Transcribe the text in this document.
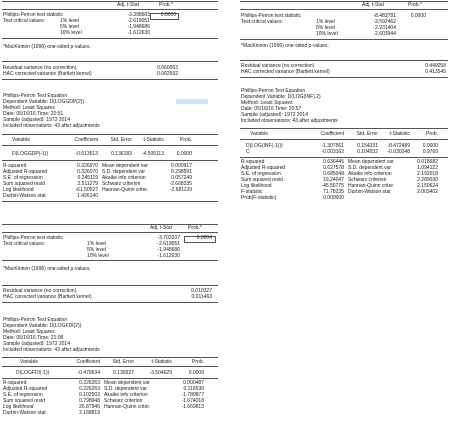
Adj. t-Stat	Prob.*
Phillips-Perron test statistic	-3.398683	0.0000
Test critical values:	1% level	-2.619051
5% level	-1.948686
10% level	-1.612630
*MacKinnon (1996) one-sided p-values.
Residual variance (no correction)	0.060053
HAC corrected variance (Bartlett kernel)	0.062592
Phillips-Perron Test Equation
Dependent Variable: D(LOGGDP(2))
Method: Least Squares
Date: 05/16/16 Time: 20:51
Sample (adjusted): 1972 2014
Included observations: 43 after adjustments
Variable	Coefficient	Std. Error	t-Statistic	Prob.
D(LOGGDP(-1))	-0.613613	0.136183	-4.505113	0.0000
R-squared	0.326070 Mean dependent var	0.000917
Adjusted R-squared	0.326070 S.D. dependent var	0.298591
S.E. of regression	0.245119 Akaike info criterion	0.057249
Sum squared resid	2.511279 Schwarz criterion	-2.668335
Log likelihood	-61.50527 Hannan-Quinn criter.	-2.681139
Durbin-Watson stat	1.426140
Adj. t-Stat	Prob.*
Phillips-Perron test statistic	-8.483781	0.0000
Test critical values:	1% level	-3.592462
5% level	-2.931404
10% level	-2.603944
*MacKinnon (1996) one-sided p-values.
Residual variance (no correction)	0.449058
HAC corrected variance (Bartlett kernel)	0.413545
Phillips-Perron Test Equation
Dependent Variable: D(LOG(INF),2)
Method: Least Squares
Date: 05/16/16 Time: 20:57
Sample (adjusted): 1972 2014
Included observations: 43 after adjustments
Variable	Coefficient	Std. Error	t-Statistic	Prob.
D(LOG(INF(-1)))	-1.307561	0.154331	-8.472489	0.0000
C	-0.003162	0.104532	-0.030248	0.9760
R-squared	0.636445 Mean dependent var	0.018682
Adjusted R-squared	0.627578 S.D. dependent var	1.094122
S.E. of regression	0.685048 Akaike info criterion	2.192018
Sum squared resid	19.24047 Schwarz criterion	2.289030
Log likelihood	-45.56775 Hannan-Quinn criter.	2.150624
F-statistic	71.78235 Durbin-Watson stat	2.003402
Prob(F-statistic)	0.000000
Adj. t-Stat	Prob.*
Phillips-Perron test statistic	-3.703337	0.0004
Test critical values:	1% level	-2.619051
5% level	-1.948686
10% level	-1.612630
*MacKinnon (1996) one-sided p-values.
Residual variance (no correction)	0.010327
HAC corrected variance (Bartlett kernel)	0.011463
Phillips-Perron Test Equation
Dependent Variable: D(LOGFDI(2))
Method: Least Squares
Date: 05/16/16 Time: 21:08
Sample (adjusted): 1972 2014
Included observations: 43 after adjustments
Variable	Coefficient	Std. Error	t-Statistic	Prob.
D(LOGFDI(-1))	-0.479634	0.136927	-3.504629	0.0009
R-squared	0.226263 Mean dependent var	0.000487
Adjusted R-squared	0.226263 S.D. dependent var	0.116530
S.E. of regression	0.102503 Akaike info criterion	-1.780877
Sum squared resid	0.798948 Schwarz criterion	-1.674018
Log likelihood	26.87946 Hannan-Quinn criter.	-1.669813
Durbin-Watson stat	2.168819
